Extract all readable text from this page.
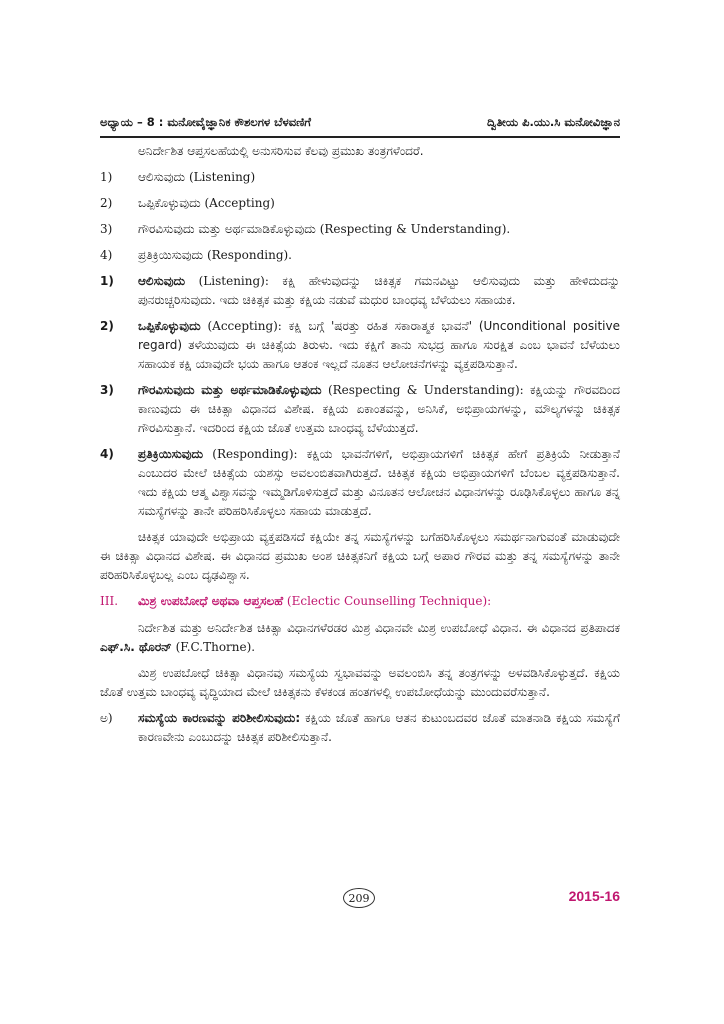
ಅಧ್ಯಾಯ – 8 : ಮನೋವೈಜ್ಞಾನಿಕ ಕೌಶಲಗಳ ಬೆಳವಣಿಗೆ	ದ್ವಿತೀಯ ಪಿ.ಯು.ಸಿ ಮನೋವಿಜ್ಞಾನ

ಅನಿರ್ದೇಶಿತ ಆಪ್ತಸಲಹೆಯಲ್ಲಿ ಅನುಸರಿಸುವ ಕೆಲವು ಪ್ರಮುಖ ತಂತ್ರಗಳೆಂದರೆ.

1)	ಆಲಿಸುವುದು (Listening)
2)	ಒಪ್ಪಿಕೊಳ್ಳುವುದು (Accepting)
3)	ಗೌರವಿಸುವುದು ಮತ್ತು ಅರ್ಥಮಾಡಿಕೊಳ್ಳುವುದು (Respecting & Understanding).
4)	ಪ್ರತಿಕ್ರಿಯಿಸುವುದು (Responding).
1)	ಆಲಿಸುವುದು (Listening): ಕಕ್ಷಿ ಹೇಳುವುದನ್ನು ಚಿಕಿತ್ಸಕ ಗಮನವಿಟ್ಟು ಆಲಿಸುವುದು ಮತ್ತು ಹೇಳಿದುದನ್ನು ಪುನರುಚ್ಚರಿಸುವುದು. ಇದು ಚಿಕಿತ್ಸಕ ಮತ್ತು ಕಕ್ಷಿಯ ನಡುವೆ ಮಧುರ ಬಾಂಧವ್ಯ ಬೆಳೆಯಲು ಸಹಾಯಕ.
2)	ಒಪ್ಪಿಕೊಳ್ಳುವುದು (Accepting): ಕಕ್ಷಿ ಬಗ್ಗೆ 'ಷರತ್ತು ರಹಿತ ಸಕಾರಾತ್ಮಕ ಭಾವನೆ' (Unconditional positive regard) ತಳೆಯುವುದು ಈ ಚಿಕಿತ್ಸೆಯ ತಿರುಳು. ಇದು ಕಕ್ಷಿಗೆ ತಾನು ಸುಭದ್ರ ಹಾಗೂ ಸುರಕ್ಷಿತ ಎಂಬ ಭಾವನೆ ಬೆಳೆಯಲು ಸಹಾಯಕ ಕಕ್ಷಿ ಯಾವುದೇ ಭಯ ಹಾಗೂ ಆತಂಕ ಇಲ್ಲದೆ ನೂತನ ಆಲೋಚನೆಗಳನ್ನು ವ್ಯಕ್ತಪಡಿಸುತ್ತಾನೆ.
3)	ಗೌರವಿಸುವುದು ಮತ್ತು ಅರ್ಥಮಾಡಿಕೊಳ್ಳುವುದು (Respecting & Understanding): ಕಕ್ಷಿಯನ್ನು ಗೌರವದಿಂದ ಕಾಣುವುದು ಈ ಚಿಕಿತ್ಸಾ ವಿಧಾನದ ವಿಶೇಷ. ಕಕ್ಷಿಯ ಏಕಾಂತವನ್ನು, ಅನಿಸಿಕೆ, ಅಭಿಪ್ರಾಯಗಳನ್ನು, ಮೌಲ್ಯಗಳನ್ನು ಚಿಕಿತ್ಸಕ ಗೌರವಿಸುತ್ತಾನೆ. ಇದರಿಂದ ಕಕ್ಷಿಯ ಜೊತೆ ಉತ್ತಮ ಬಾಂಧವ್ಯ ಬೆಳೆಯುತ್ತದೆ.
4)	ಪ್ರತಿಕ್ರಿಯಿಸುವುದು (Responding): ಕಕ್ಷಿಯ ಭಾವನೆಗಳಿಗೆ, ಅಭಿಪ್ರಾಯಗಳಿಗೆ ಚಿಕಿತ್ಸಕ ಹೇಗೆ ಪ್ರತಿಕ್ರಿಯೆ ನೀಡುತ್ತಾನೆ ಎಂಬುದರ ಮೇಲೆ ಚಿಕಿತ್ಸೆಯ ಯಶಸ್ಸು ಅವಲಂಬಿತವಾಗಿರುತ್ತದೆ. ಚಿಕಿತ್ಸಕ ಕಕ್ಷಿಯ ಅಭಿಪ್ರಾಯಗಳಿಗೆ ಬೆಂಬಲ ವ್ಯಕ್ತಪಡಿಸುತ್ತಾನೆ. ಇದು ಕಕ್ಷಿಯ ಆತ್ಮ ವಿಶ್ವಾಸವನ್ನು ಇಮ್ಮಡಿಗೊಳಿಸುತ್ತದೆ ಮತ್ತು ವಿನೂತನ ಆಲೋಚನ ವಿಧಾನಗಳನ್ನು ರೂಢಿಸಿಕೊಳ್ಳಲು ಹಾಗೂ ತನ್ನ ಸಮಸ್ಯೆಗಳನ್ನು ತಾನೇ ಪರಿಹರಿಸಿಕೊಳ್ಳಲು ಸಹಾಯ ಮಾಡುತ್ತದೆ.

ಚಿಕಿತ್ಸಕ ಯಾವುದೇ ಅಭಿಪ್ರಾಯ ವ್ಯಕ್ತಪಡಿಸದೆ ಕಕ್ಷಿಯೇ ತನ್ನ ಸಮಸ್ಯೆಗಳನ್ನು ಬಗೆಹರಿಸಿಕೊಳ್ಳಲು ಸಮರ್ಥನಾಗುವಂತೆ ಮಾಡುವುದೇ ಈ ಚಿಕಿತ್ಸಾ ವಿಧಾನದ ವಿಶೇಷ. ಈ ವಿಧಾನದ ಪ್ರಮುಖ ಅಂಶ ಚಿಕಿತ್ಸಕನಿಗೆ ಕಕ್ಷಿಯ ಬಗ್ಗೆ ಅಪಾರ ಗೌರವ ಮತ್ತು ತನ್ನ ಸಮಸ್ಯೆಗಳನ್ನು ತಾನೇ ಪರಿಹರಿಸಿಕೊಳ್ಳಬಲ್ಲ ಎಂಬ ದೃಢವಿಶ್ವಾಸ.

III.	ಮಿಶ್ರ ಉಪಬೋಧೆ ಅಥವಾ ಆಪ್ತಸಲಹೆ (Eclectic Counselling Technique):

ನಿರ್ದೇಶಿತ ಮತ್ತು ಅನಿರ್ದೇಶಿತ ಚಿಕಿತ್ಸಾ ವಿಧಾನಗಳೆರಡರ ಮಿಶ್ರ ವಿಧಾನವೇ ಮಿಶ್ರ ಉಪಬೋಧೆ ವಿಧಾನ. ಈ ವಿಧಾನದ ಪ್ರತಿಪಾದಕ ಎಫ್.ಸಿ. ಥೊರನ್ (F.C.Thorne).

ಮಿಶ್ರ ಉಪಬೋಧೆ ಚಿಕಿತ್ಸಾ ವಿಧಾನವು ಸಮಸ್ಯೆಯ ಸ್ವಭಾವವನ್ನು ಅವಲಂಬಿಸಿ ತನ್ನ ತಂತ್ರಗಳನ್ನು ಅಳವಡಿಸಿಕೊಳ್ಳುತ್ತದೆ. ಕಕ್ಷಿಯ ಜೊತೆ ಉತ್ತಮ ಬಾಂಧವ್ಯ ವೃದ್ಧಿಯಾದ ಮೇಲೆ ಚಿಕಿತ್ಸಕನು ಕೆಳಕಂಡ ಹಂತಗಳಲ್ಲಿ ಉಪಬೋಧೆಯನ್ನು ಮುಂದುವರೆಸುತ್ತಾನೆ.

ಅ)	ಸಮಸ್ಯೆಯ ಕಾರಣವನ್ನು ಪರಿಶೀಲಿಸುವುದು: ಕಕ್ಷಿಯ ಜೊತೆ ಹಾಗೂ ಆತನ ಕುಟುಂಬದವರ ಜೊತೆ ಮಾತನಾಡಿ ಕಕ್ಷಿಯ ಸಮಸ್ಯೆಗೆ ಕಾರಣವೇನು ಎಂಬುದನ್ನು ಚಿಕಿತ್ಸಕ ಪರಿಶೀಲಿಸುತ್ತಾನೆ.
209	2015-16
